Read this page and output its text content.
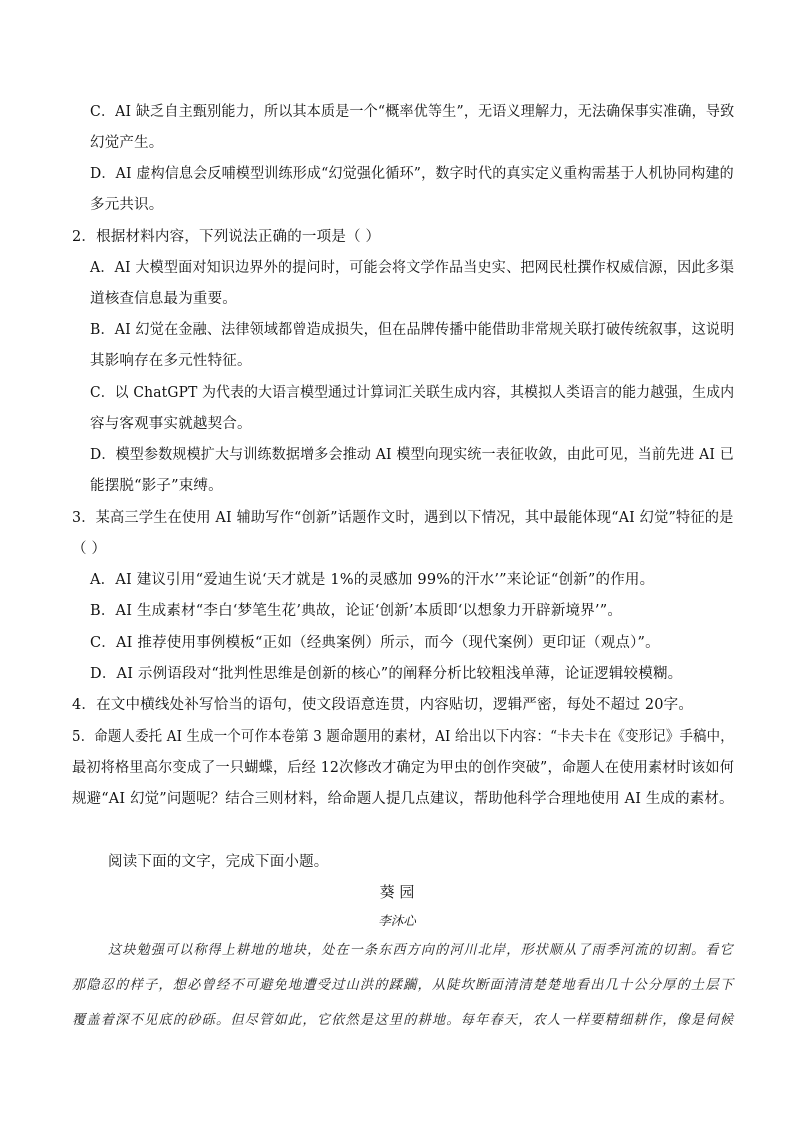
C．AI 缺乏自主甄别能力，所以其本质是一个“概率优等生”，无语义理解力，无法确保事实准确，导致
幻觉产生。
D．AI 虚构信息会反哺模型训练形成“幻觉强化循环”，数字时代的真实定义重构需基于人机协同构建的
多元共识。
2．根据材料内容，下列说法正确的一项是（ ）
A．AI 大模型面对知识边界外的提问时，可能会将文学作品当史实、把网民杜撰作权威信源，因此多渠
道核查信息最为重要。
B．AI 幻觉在金融、法律领域都曾造成损失，但在品牌传播中能借助非常规关联打破传统叙事，这说明
其影响存在多元性特征。
C．以 ChatGPT 为代表的大语言模型通过计算词汇关联生成内容，其模拟人类语言的能力越强，生成内
容与客观事实就越契合。
D．模型参数规模扩大与训练数据增多会推动 AI 模型向现实统一表征收敛，由此可见，当前先进 AI 已
能摆脱“影子”束缚。
3．某高三学生在使用 AI 辅助写作“创新”话题作文时，遇到以下情况，其中最能体现“AI 幻觉”特征的是
（ ）
A．AI 建议引用“爱迪生说‘天才就是 1%的灵感加 99%的汗水’”来论证“创新”的作用。
B．AI 生成素材“李白‘梦笔生花’典故，论证‘创新’本质即‘以想象力开辟新境界’”。
C．AI 推荐使用事例模板“正如（经典案例）所示，而今（现代案例）更印证（观点）”。
D．AI 示例语段对“批判性思维是创新的核心”的阐释分析比较粗浅单薄，论证逻辑较模糊。
4．在文中横线处补写恰当的语句，使文段语意连贯，内容贴切，逻辑严密，每处不超过 20字。
5．命题人委托 AI 生成一个可作本卷第 3 题命题用的素材，AI 给出以下内容：“卡夫卡在《变形记》手稿中，
最初将格里高尔变成了一只蝴蝶，后经 12次修改才确定为甲虫的创作突破”，命题人在使用素材时该如何
规避“AI 幻觉”问题呢？结合三则材料，给命题人提几点建议，帮助他科学合理地使用 AI 生成的素材。
阅读下面的文字，完成下面小题。
葵 园
李沐心
这块勉强可以称得上耕地的地块，处在一条东西方向的河川北岸，形状顺从了雨季河流的切割。看它
那隐忍的样子，想必曾经不可避免地遭受过山洪的蹂躏，从陡坎断面清清楚楚地看出几十公分厚的土层下
覆盖着深不见底的砂砾。但尽管如此，它依然是这里的耕地。每年春天，农人一样要精细耕作，像是伺候
